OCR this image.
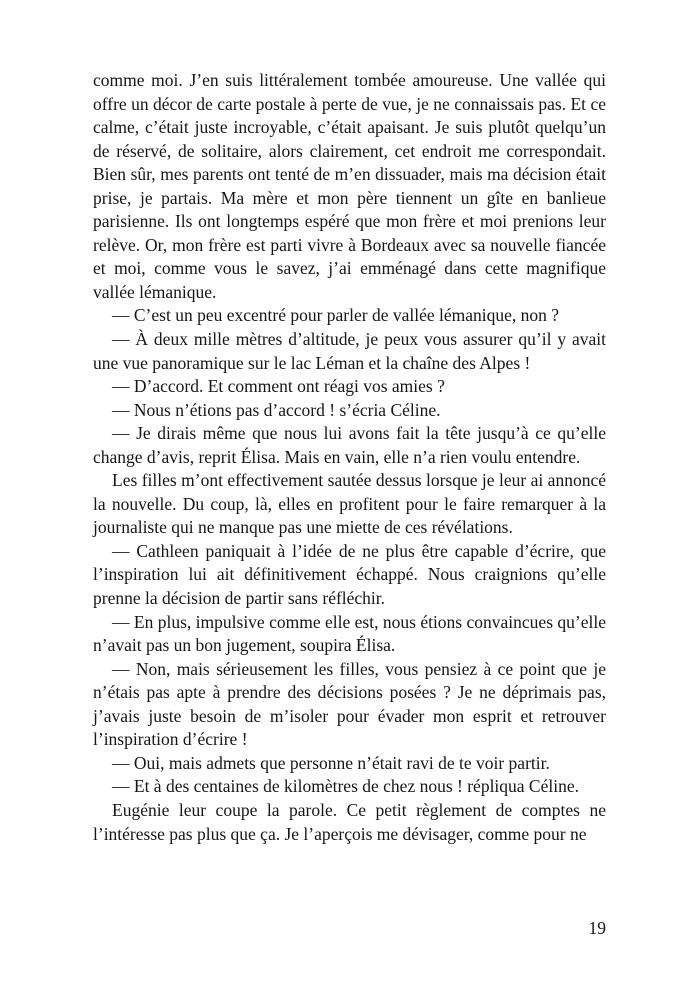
comme moi. J’en suis littéralement tombée amoureuse. Une vallée qui offre un décor de carte postale à perte de vue, je ne connaissais pas. Et ce calme, c’était juste incroyable, c’était apaisant. Je suis plutôt quelqu’un de réservé, de solitaire, alors clairement, cet endroit me correspondait. Bien sûr, mes parents ont tenté de m’en dissuader, mais ma décision était prise, je partais. Ma mère et mon père tiennent un gîte en banlieue parisienne. Ils ont longtemps espéré que mon frère et moi prenions leur relève. Or, mon frère est parti vivre à Bordeaux avec sa nouvelle fiancée et moi, comme vous le savez, j’ai emménagé dans cette magnifique vallée lémanique.

— C’est un peu excentré pour parler de vallée lémanique, non ?

— À deux mille mètres d’altitude, je peux vous assurer qu’il y avait une vue panoramique sur le lac Léman et la chaîne des Alpes !

— D’accord. Et comment ont réagi vos amies ?

— Nous n’étions pas d’accord ! s’écria Céline.

— Je dirais même que nous lui avons fait la tête jusqu’à ce qu’elle change d’avis, reprit Élisa. Mais en vain, elle n’a rien voulu entendre.

Les filles m’ont effectivement sautée dessus lorsque je leur ai annoncé la nouvelle. Du coup, là, elles en profitent pour le faire remarquer à la journaliste qui ne manque pas une miette de ces révélations.

— Cathleen paniquait à l’idée de ne plus être capable d’écrire, que l’inspiration lui ait définitivement échappé. Nous craignions qu’elle prenne la décision de partir sans réfléchir.

— En plus, impulsive comme elle est, nous étions convaincues qu’elle n’avait pas un bon jugement, soupira Élisa.

— Non, mais sérieusement les filles, vous pensiez à ce point que je n’étais pas apte à prendre des décisions posées ? Je ne déprimais pas, j’avais juste besoin de m’isoler pour évader mon esprit et retrouver l’inspiration d’écrire !

— Oui, mais admets que personne n’était ravi de te voir partir.

— Et à des centaines de kilomètres de chez nous ! répliqua Céline.

Eugénie leur coupe la parole. Ce petit règlement de comptes ne l’intéresse pas plus que ça. Je l’aperçois me dévisager, comme pour ne

19
